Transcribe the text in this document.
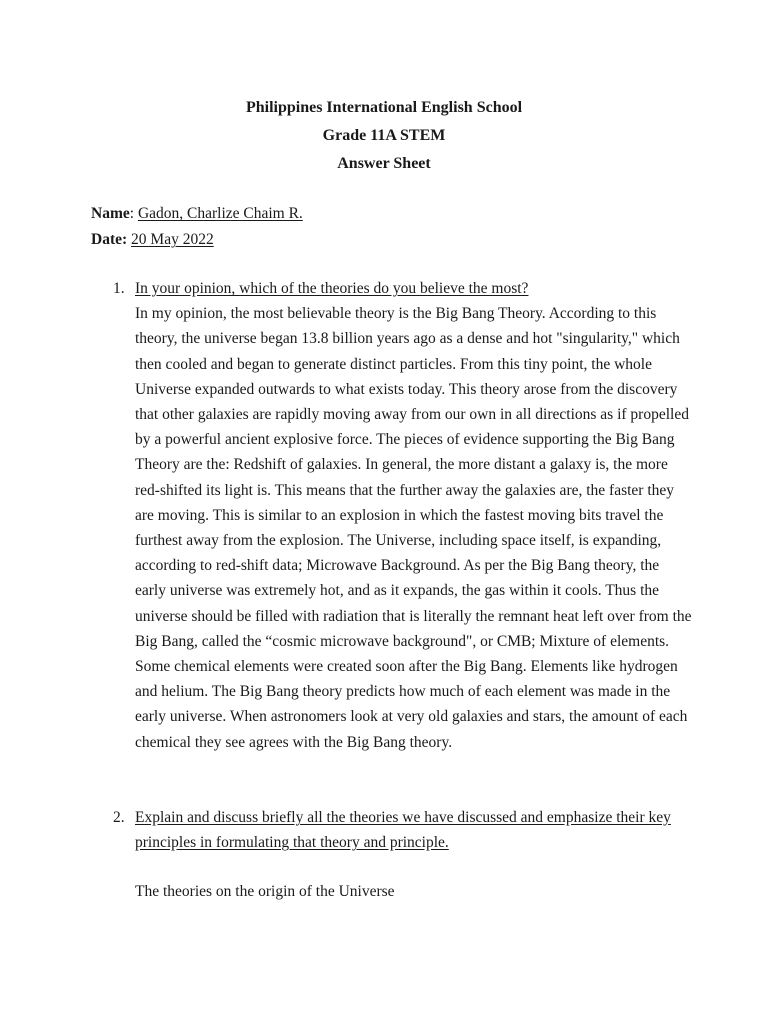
Philippines International English School
Grade 11A STEM
Answer Sheet
Name: Gadon, Charlize Chaim R.
Date: 20 May 2022
1. In your opinion, which of the theories do you believe the most?

In my opinion, the most believable theory is the Big Bang Theory. According to this theory, the universe began 13.8 billion years ago as a dense and hot "singularity," which then cooled and began to generate distinct particles. From this tiny point, the whole Universe expanded outwards to what exists today. This theory arose from the discovery that other galaxies are rapidly moving away from our own in all directions as if propelled by a powerful ancient explosive force. The pieces of evidence supporting the Big Bang Theory are the: Redshift of galaxies. In general, the more distant a galaxy is, the more red-shifted its light is. This means that the further away the galaxies are, the faster they are moving. This is similar to an explosion in which the fastest moving bits travel the furthest away from the explosion. The Universe, including space itself, is expanding, according to red-shift data; Microwave Background. As per the Big Bang theory, the early universe was extremely hot, and as it expands, the gas within it cools. Thus the universe should be filled with radiation that is literally the remnant heat left over from the Big Bang, called the “cosmic microwave background", or CMB; Mixture of elements. Some chemical elements were created soon after the Big Bang. Elements like hydrogen and helium. The Big Bang theory predicts how much of each element was made in the early universe. When astronomers look at very old galaxies and stars, the amount of each chemical they see agrees with the Big Bang theory.

2. Explain and discuss briefly all the theories we have discussed and emphasize their key principles in formulating that theory and principle.
The theories on the origin of the Universe
